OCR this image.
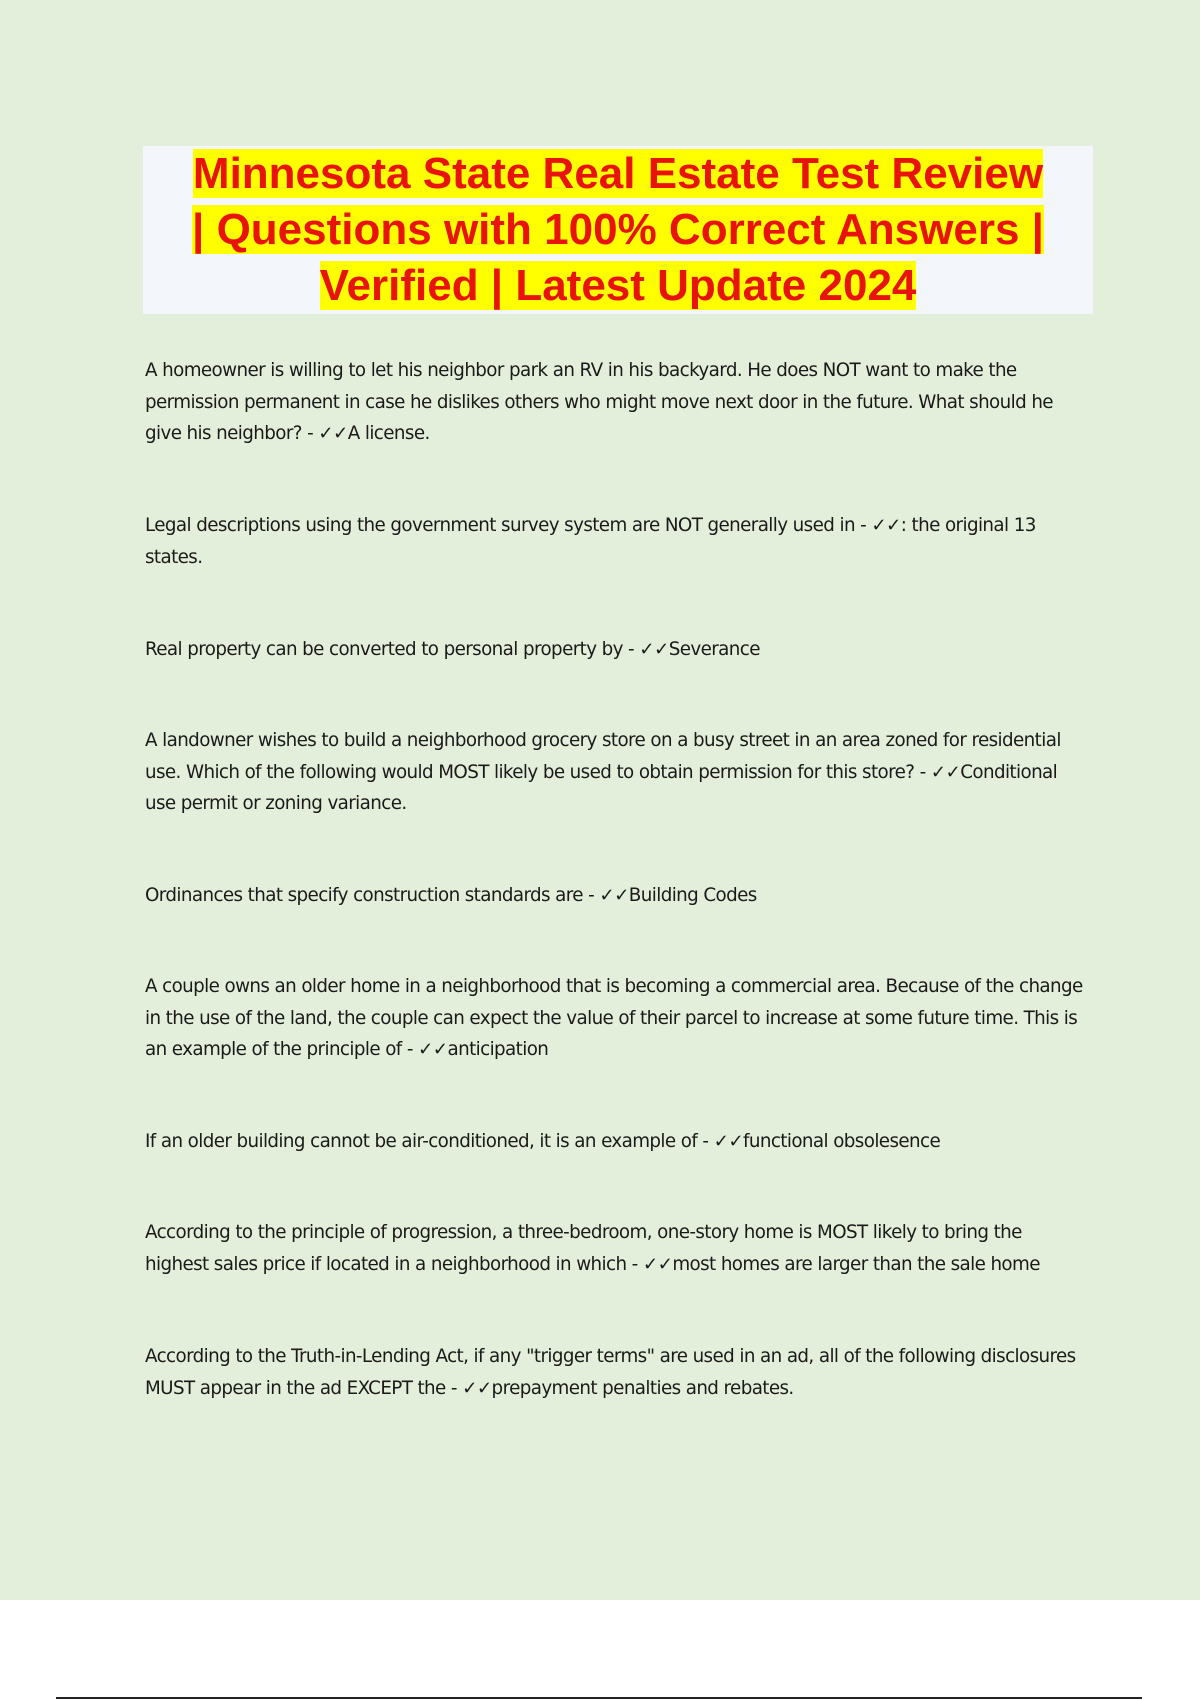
Minnesota State Real Estate Test Review
| Questions with 100% Correct Answers |
Verified | Latest Update 2024

A homeowner is willing to let his neighbor park an RV in his backyard. He does NOT want to make the permission permanent in case he dislikes others who might move next door in the future. What should he give his neighbor? - ✓✓A license.

Legal descriptions using the government survey system are NOT generally used in - ✓✓: the original 13 states.

Real property can be converted to personal property by - ✓✓Severance

A landowner wishes to build a neighborhood grocery store on a busy street in an area zoned for residential use. Which of the following would MOST likely be used to obtain permission for this store? - ✓✓Conditional use permit or zoning variance.

Ordinances that specify construction standards are - ✓✓Building Codes

A couple owns an older home in a neighborhood that is becoming a commercial area. Because of the change in the use of the land, the couple can expect the value of their parcel to increase at some future time. This is an example of the principle of - ✓✓anticipation

If an older building cannot be air-conditioned, it is an example of - ✓✓functional obsolesence

According to the principle of progression, a three-bedroom, one-story home is MOST likely to bring the highest sales price if located in a neighborhood in which - ✓✓most homes are larger than the sale home

According to the Truth-in-Lending Act, if any "trigger terms" are used in an ad, all of the following disclosures MUST appear in the ad EXCEPT the - ✓✓prepayment penalties and rebates.
